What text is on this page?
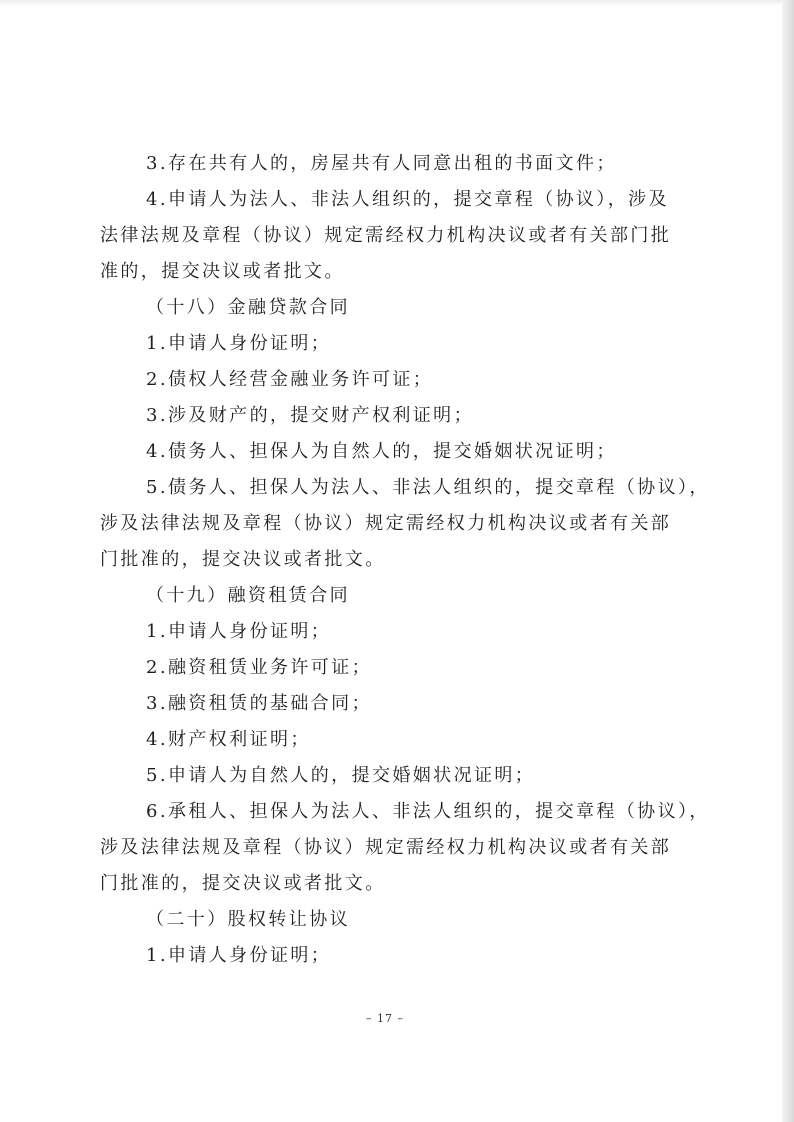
3.存在共有人的，房屋共有人同意出租的书面文件；
4.申请人为法人、非法人组织的，提交章程（协议），涉及
法律法规及章程（协议）规定需经权力机构决议或者有关部门批
准的，提交决议或者批文。
（十八）金融贷款合同
1.申请人身份证明；
2.债权人经营金融业务许可证；
3.涉及财产的，提交财产权利证明；
4.债务人、担保人为自然人的，提交婚姻状况证明；
5.债务人、担保人为法人、非法人组织的，提交章程（协议），
涉及法律法规及章程（协议）规定需经权力机构决议或者有关部
门批准的，提交决议或者批文。
（十九）融资租赁合同
1.申请人身份证明；
2.融资租赁业务许可证；
3.融资租赁的基础合同；
4.财产权利证明；
5.申请人为自然人的，提交婚姻状况证明；
6.承租人、担保人为法人、非法人组织的，提交章程（协议），
涉及法律法规及章程（协议）规定需经权力机构决议或者有关部
门批准的，提交决议或者批文。
（二十）股权转让协议
1.申请人身份证明；
– 17 –
